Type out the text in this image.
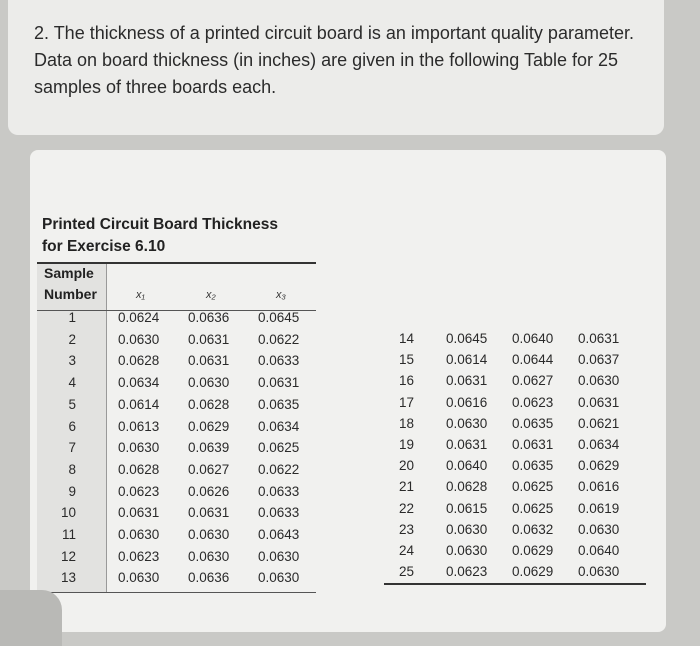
2. The thickness of a printed circuit board is an important quality parameter. Data on board thickness (in inches) are given in the following Table for 25 samples of three boards each.
Printed Circuit Board Thickness
for Exercise 6.10
Sample
Number	x₁	x₂	x₃
1	0.0624 0.0636 0.0645
2	0.0630 0.0631 0.0622
3	0.0628 0.0631 0.0633
4	0.0634 0.0630 0.0631
5	0.0614 0.0628 0.0635
6	0.0613 0.0629 0.0634
7	0.0630 0.0639 0.0625
8	0.0628 0.0627 0.0622
9	0.0623 0.0626 0.0633
10	0.0631 0.0631 0.0633
11	0.0630 0.0630 0.0643
12	0.0623 0.0630 0.0630
13	0.0630 0.0636 0.0630
14 0.0645 0.0640 0.0631
15 0.0614 0.0644 0.0637
16 0.0631 0.0627 0.0630
17 0.0616 0.0623 0.0631
18 0.0630 0.0635 0.0621
19 0.0631 0.0631 0.0634
20 0.0640 0.0635 0.0629
21 0.0628 0.0625 0.0616
22 0.0615 0.0625 0.0619
23 0.0630 0.0632 0.0630
24 0.0630 0.0629 0.0640
25 0.0623 0.0629 0.0630
